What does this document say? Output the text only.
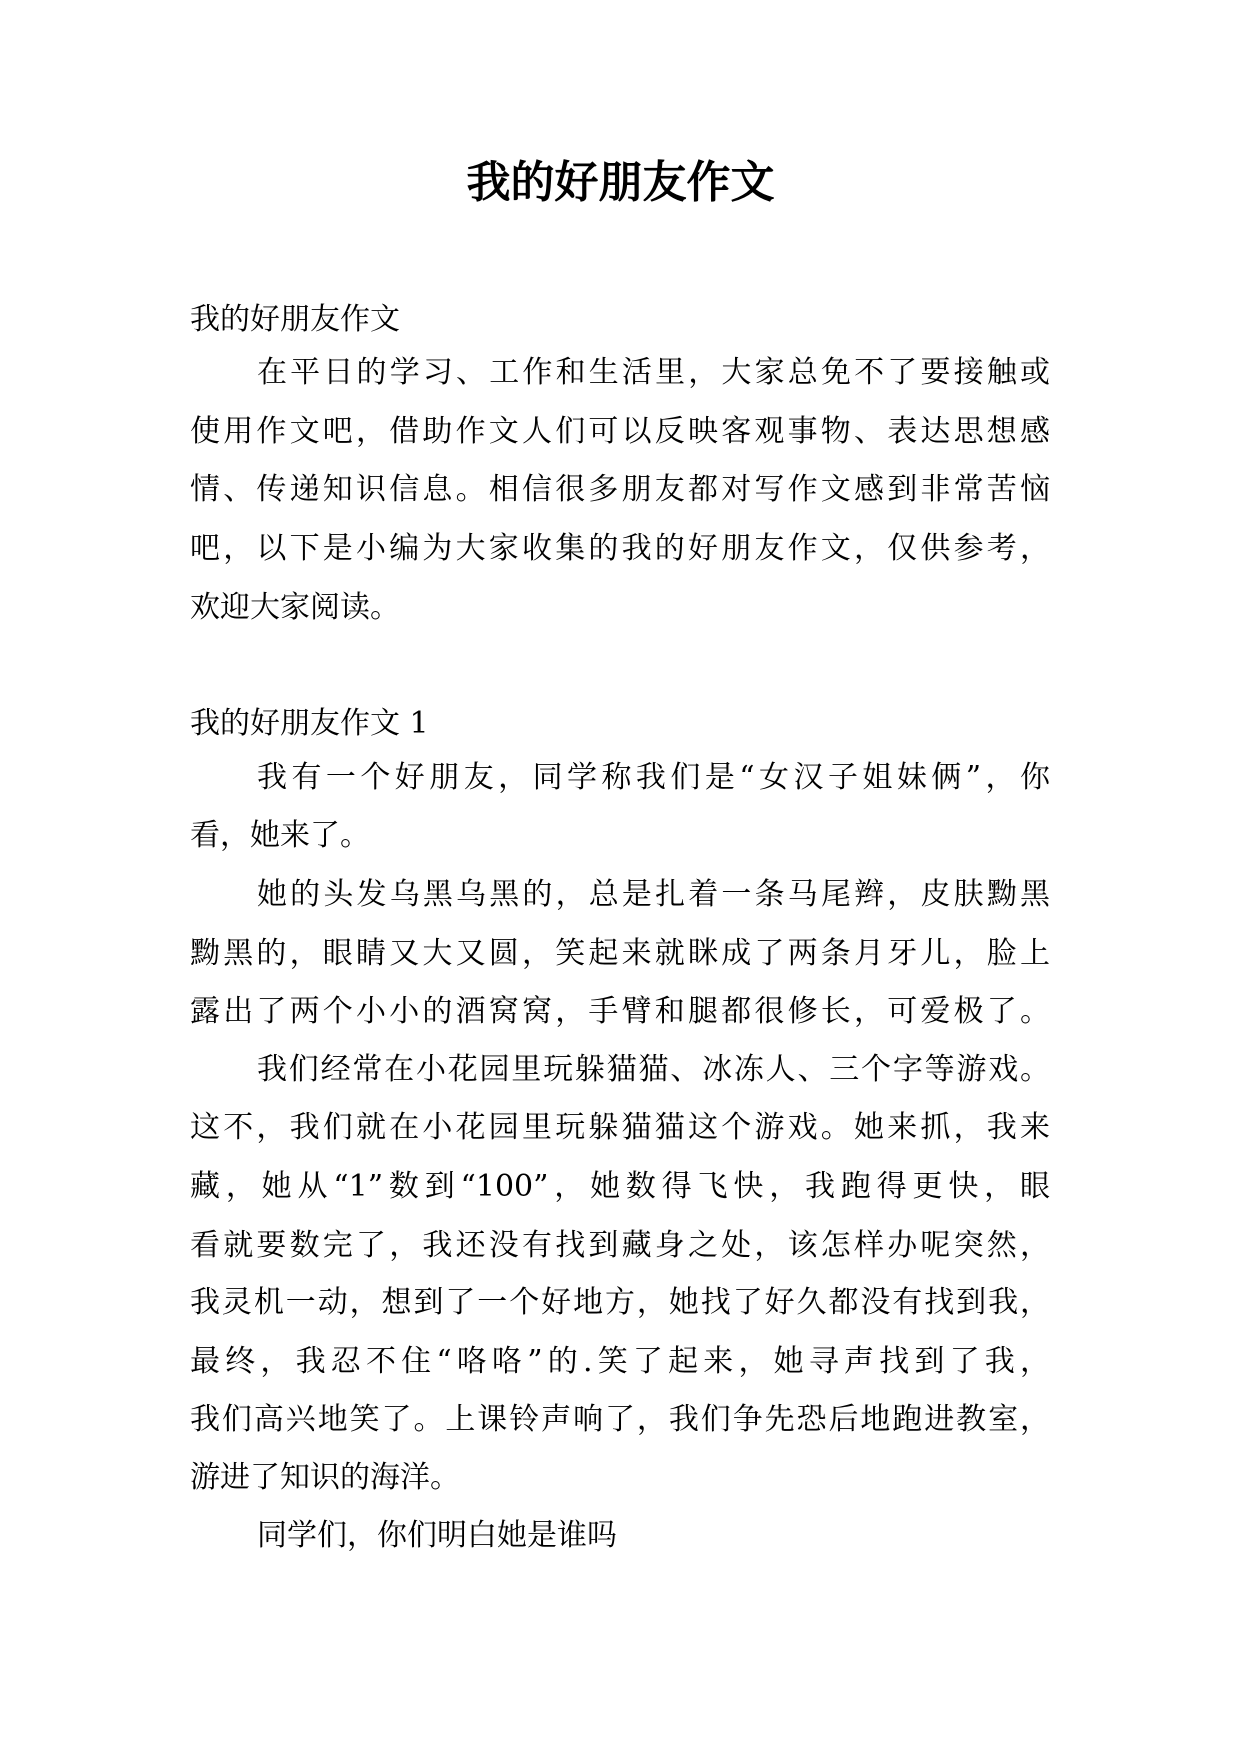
我的好朋友作文

我的好朋友作文

在平日的学习、工作和生活里，大家总免不了要接触或

使用作文吧，借助作文人们可以反映客观事物、表达思想感

情、传递知识信息。相信很多朋友都对写作文感到非常苦恼

吧，以下是小编为大家收集的我的好朋友作文，仅供参考，

欢迎大家阅读。

我的好朋友作文 1

我有一个好朋友，同学称我们是“女汉子姐妹俩”，你

看，她来了。

她的头发乌黑乌黑的，总是扎着一条马尾辫，皮肤黝黑

黝黑的，眼睛又大又圆，笑起来就眯成了两条月牙儿，脸上

露出了两个小小的酒窝窝，手臂和腿都很修长，可爱极了。

我们经常在小花园里玩躲猫猫、冰冻人、三个字等游戏。

这不，我们就在小花园里玩躲猫猫这个游戏。她来抓，我来

藏，她从“1”数到“100”，她数得飞快，我跑得更快，眼

看就要数完了，我还没有找到藏身之处，该怎样办呢突然，

我灵机一动，想到了一个好地方，她找了好久都没有找到我，

最终，我忍不住“咯咯”的.笑了起来，她寻声找到了我，

我们高兴地笑了。上课铃声响了，我们争先恐后地跑进教室，

游进了知识的海洋。

同学们，你们明白她是谁吗
